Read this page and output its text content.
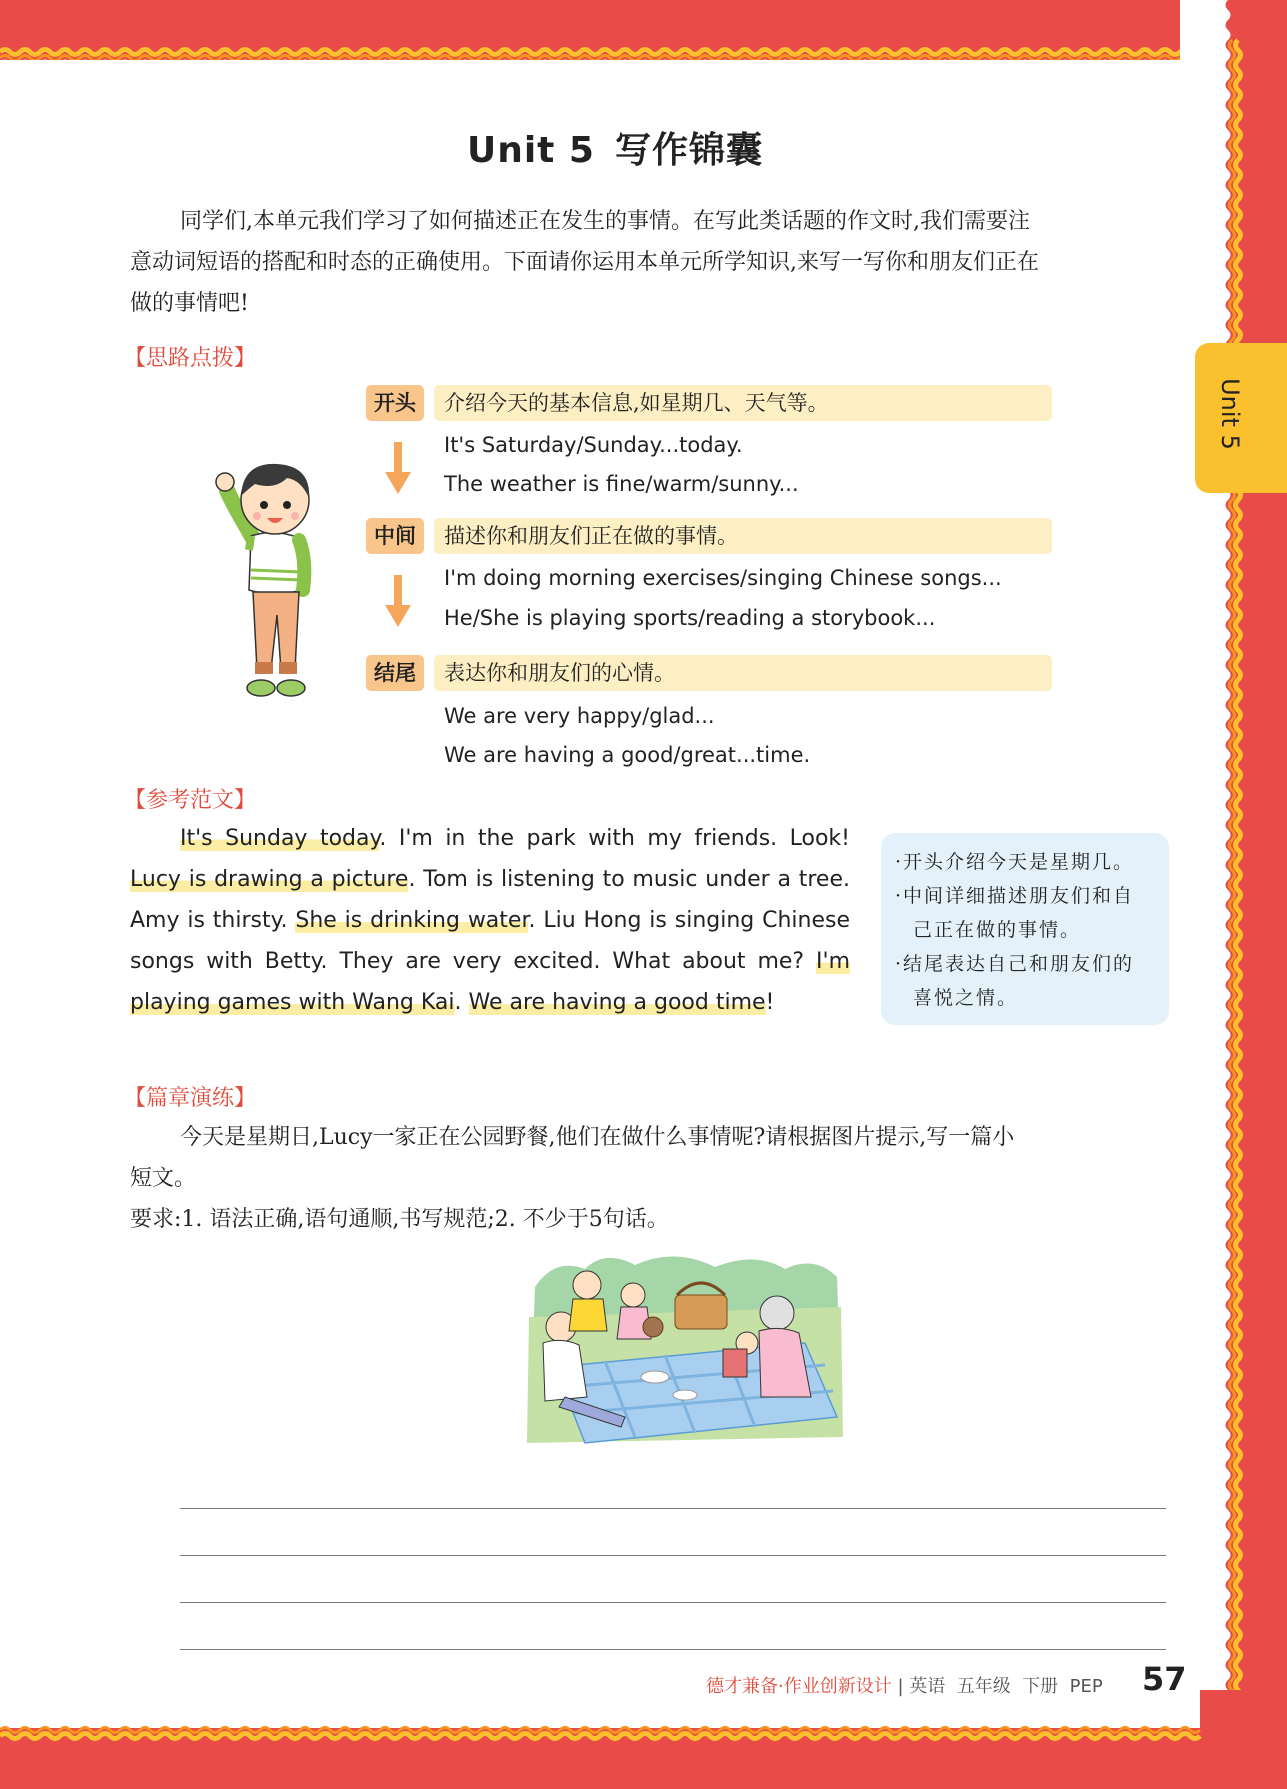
Unit 5
Unit 5 写作锦囊
同学们,本单元我们学习了如何描述正在发生的事情。在写此类话题的作文时,我们需要注
意动词短语的搭配和时态的正确使用。下面请你运用本单元所学知识,来写一写你和朋友们正在
做的事情吧!
【思路点拨】
开头	介绍今天的基本信息,如星期几、天气等。
It's Saturday/Sunday...today.
The weather is fine/warm/sunny...
中间	描述你和朋友们正在做的事情。
I'm doing morning exercises/singing Chinese songs...
He/She is playing sports/reading a storybook...
结尾	表达你和朋友们的心情。
We are very happy/glad...
We are having a good/great...time.
【参考范文】
It's Sunday today. I'm in the park with my friends. Look! Lucy is drawing a picture. Tom is listening to music under a tree. Amy is thirsty. She is drinking water. Liu Hong is singing Chinese songs with Betty. They are very excited. What about me? I'm playing games with Wang Kai. We are having a good time!
·开头介绍今天是星期几。
·中间详细描述朋友们和自己正在做的事情。
·结尾表达自己和朋友们的喜悦之情。
【篇章演练】
今天是星期日,Lucy一家正在公园野餐,他们在做什么事情呢?请根据图片提示,写一篇小
短文。
要求:1. 语法正确,语句通顺,书写规范;2. 不少于5句话。
德才兼备·作业创新设计 | 英语 五年级 下册 PEP 57
